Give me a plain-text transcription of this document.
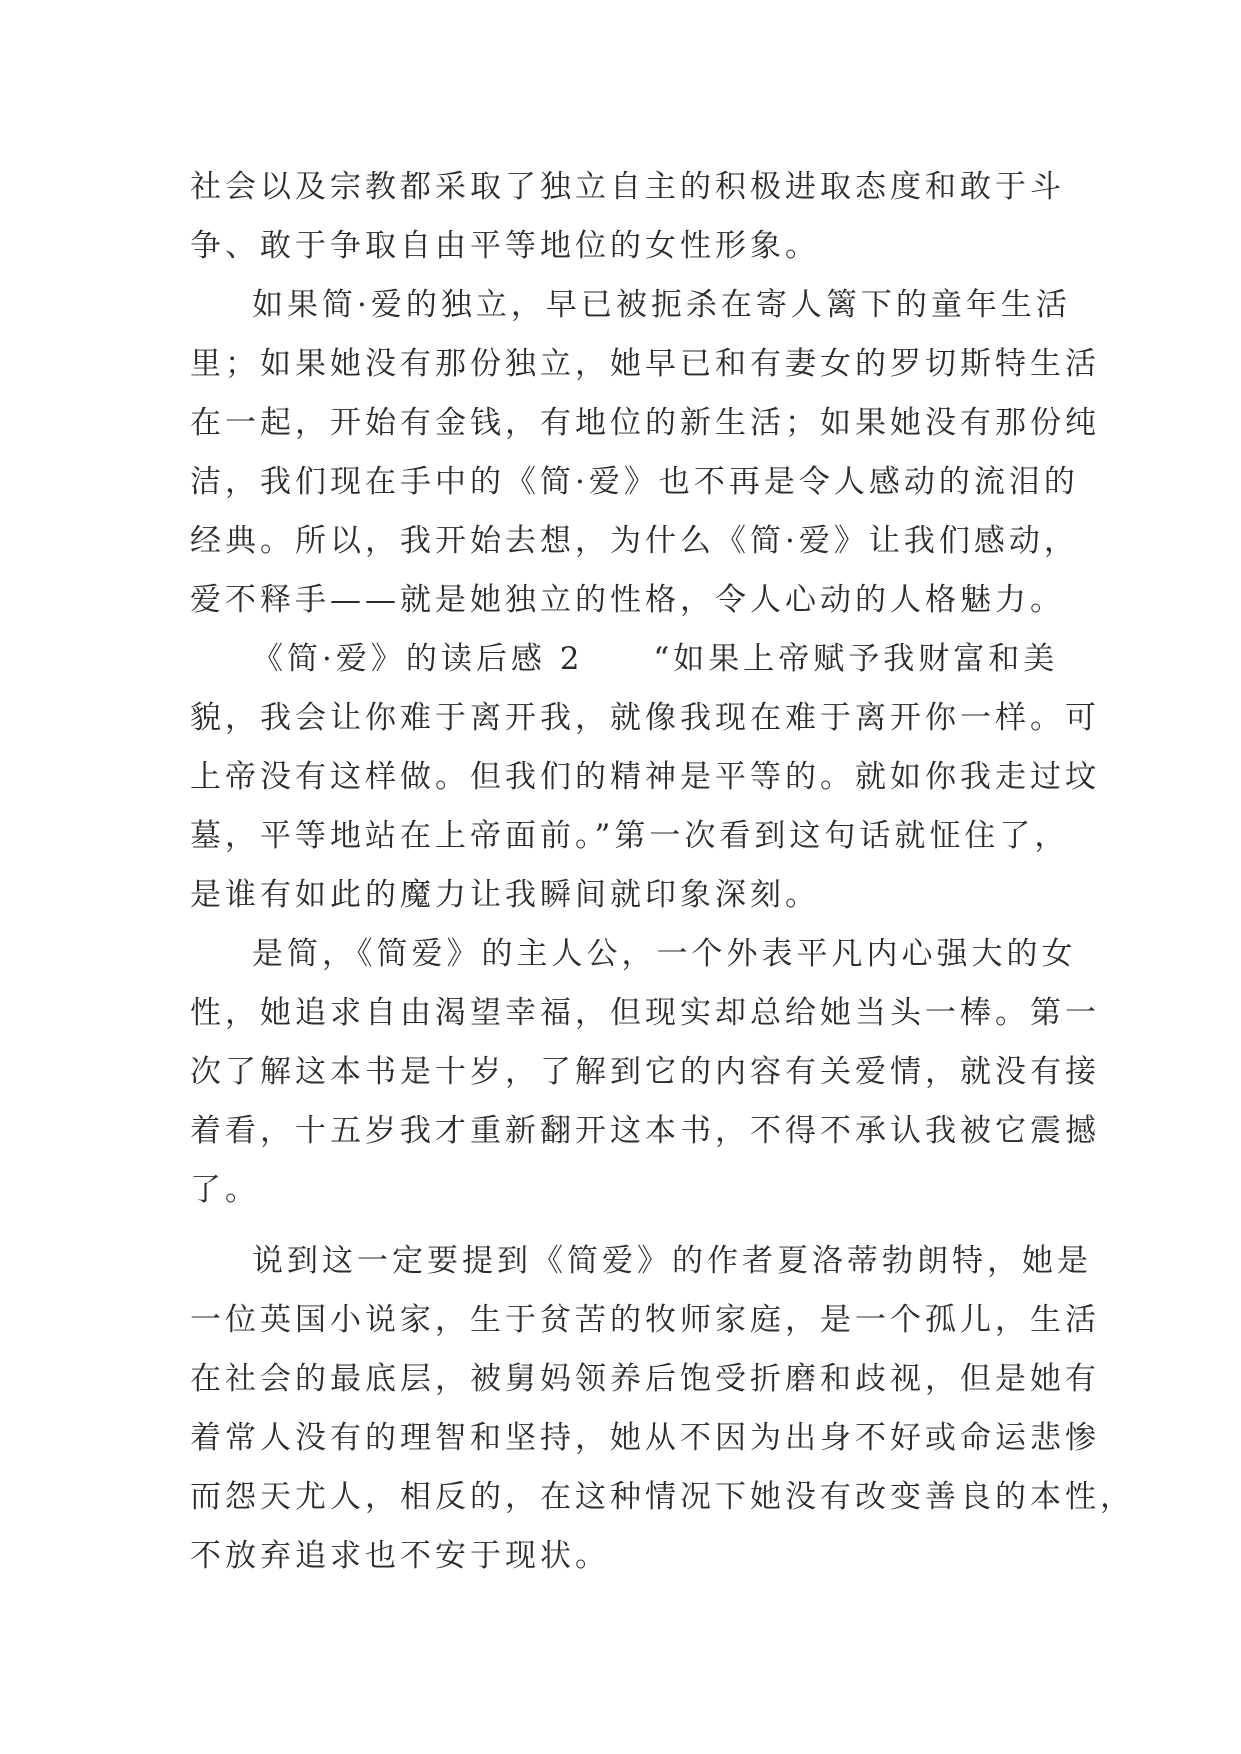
社会以及宗教都采取了独立自主的积极进取态度和敢于斗
争、敢于争取自由平等地位的女性形象。
如果简·爱的独立，早已被扼杀在寄人篱下的童年生活
里；如果她没有那份独立，她早已和有妻女的罗切斯特生活
在一起，开始有金钱，有地位的新生活；如果她没有那份纯
洁，我们现在手中的《简·爱》也不再是令人感动的流泪的
经典。所以，我开始去想，为什么《简·爱》让我们感动，
爱不释手——就是她独立的性格，令人心动的人格魅力。
《简·爱》的读后感 2　　“如果上帝赋予我财富和美
貌，我会让你难于离开我，就像我现在难于离开你一样。可
上帝没有这样做。但我们的精神是平等的。就如你我走过坟
墓，平等地站在上帝面前。”第一次看到这句话就怔住了，
是谁有如此的魔力让我瞬间就印象深刻。
是简，《简爱》的主人公，一个外表平凡内心强大的女
性，她追求自由渴望幸福，但现实却总给她当头一棒。第一
次了解这本书是十岁，了解到它的内容有关爱情，就没有接
着看，十五岁我才重新翻开这本书，不得不承认我被它震撼
了。
说到这一定要提到《简爱》的作者夏洛蒂勃朗特，她是
一位英国小说家，生于贫苦的牧师家庭，是一个孤儿，生活
在社会的最底层，被舅妈领养后饱受折磨和歧视，但是她有
着常人没有的理智和坚持，她从不因为出身不好或命运悲惨
而怨天尤人，相反的，在这种情况下她没有改变善良的本性，
不放弃追求也不安于现状。
